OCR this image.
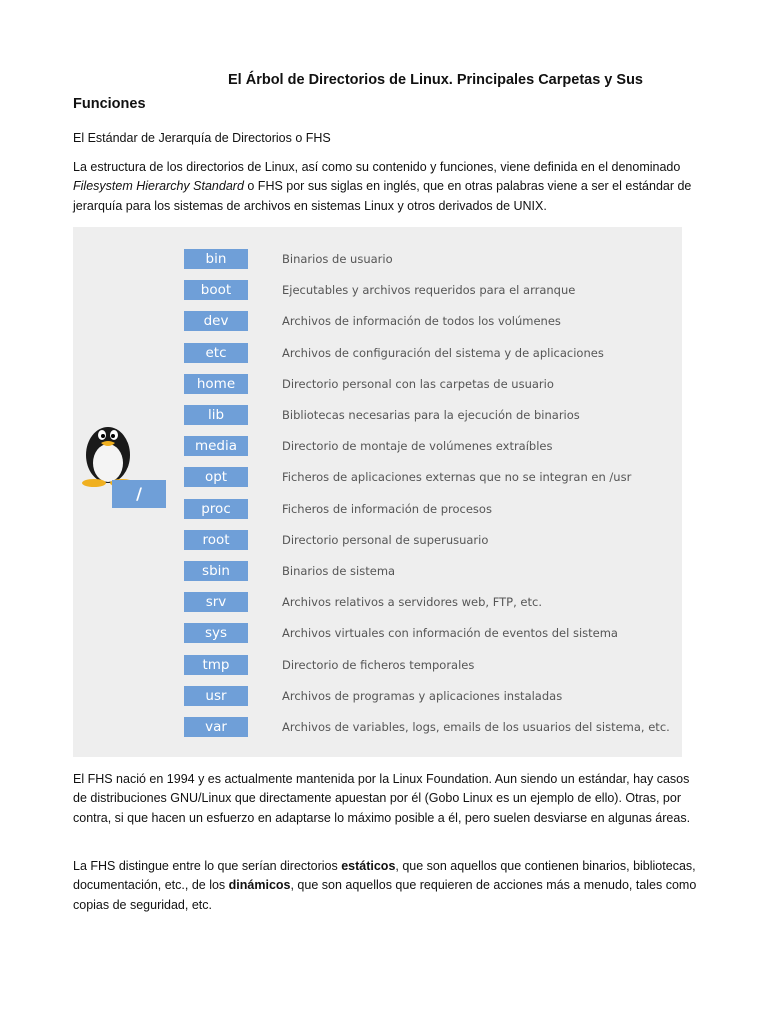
El Árbol de Directorios de Linux. Principales Carpetas y Sus Funciones
El Estándar de Jerarquía de Directorios o FHS
La estructura de los directorios de Linux, así como su contenido y funciones, viene definida en el denominado Filesystem Hierarchy Standard o FHS por sus siglas en inglés, que en otras palabras viene a ser el estándar de jerarquía para los sistemas de archivos en sistemas Linux y otros derivados de UNIX.
/
bin	Binarios de usuario
boot	Ejecutables y archivos requeridos para el arranque
dev	Archivos de información de todos los volúmenes
etc	Archivos de configuración del sistema y de aplicaciones
home	Directorio personal con las carpetas de usuario
lib	Bibliotecas necesarias para la ejecución de binarios
media	Directorio de montaje de volúmenes extraíbles
opt	Ficheros de aplicaciones externas que no se integran en /usr
proc	Ficheros de información de procesos
root	Directorio personal de superusuario
sbin	Binarios de sistema
srv	Archivos relativos a servidores web, FTP, etc.
sys	Archivos virtuales con información de eventos del sistema
tmp	Directorio de ficheros temporales
usr	Archivos de programas y aplicaciones instaladas
var	Archivos de variables, logs, emails de los usuarios del sistema, etc.
El FHS nació en 1994 y es actualmente mantenida por la Linux Foundation. Aun siendo un estándar, hay casos de distribuciones GNU/Linux que directamente apuestan por él (Gobo Linux es un ejemplo de ello). Otras, por contra, si que hacen un esfuerzo en adaptarse lo máximo posible a él, pero suelen desviarse en algunas áreas.
La FHS distingue entre lo que serían directorios estáticos, que son aquellos que contienen binarios, bibliotecas, documentación, etc., de los dinámicos, que son aquellos que requieren de acciones más a menudo, tales como copias de seguridad, etc.
